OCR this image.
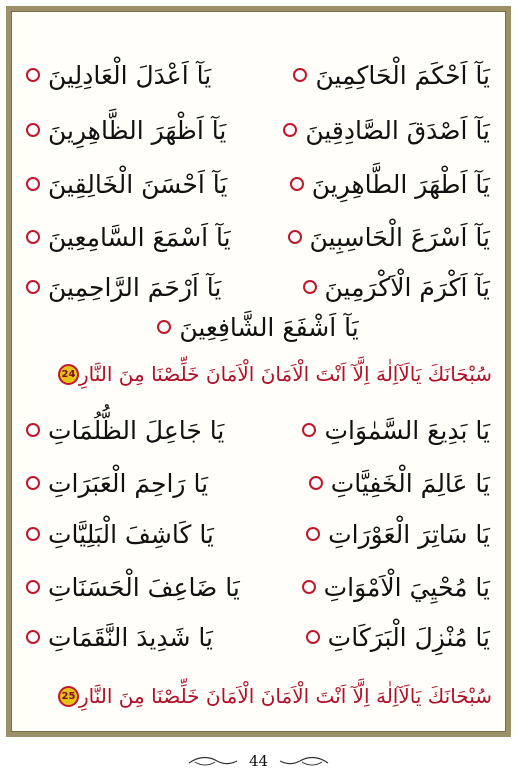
يَآ اَحْكَمَ الْحَاكِمِينَ
يَآ اَعْدَلَ الْعَادِلِينَ
يَآ اَصْدَقَ الصَّادِقِينَ
يَآ اَظْهَرَ الظَّاهِرِينَ
يَآ اَطْهَرَ الطَّاهِرِينَ
يَآ اَحْسَنَ الْخَالِقِينَ
يَآ اَسْرَعَ الْحَاسِبِينَ
يَآ اَسْمَعَ السَّامِعِينَ
يَآ اَكْرَمَ الْاَكْرَمِينَ
يَآ اَرْحَمَ الرَّاحِمِينَ
يَآ اَشْفَعَ الشَّافِعِينَ
سُبْحَانَكَ يَالَآاِلٰهَ اِلَّآ اَنْتَ الْاَمَانَ الْاَمَانَ خَلِّصْنَا مِنَ النَّارِ
24
يَا بَدِيعَ السَّمٰوَاتِ
يَا جَاعِلَ الظُّلُمَاتِ
يَا عَالِمَ الْخَفِيَّاتِ
يَا رَاحِمَ الْعَبَرَاتِ
يَا سَاتِرَ الْعَوْرَاتِ
يَا كَاشِفَ الْبَلِيَّاتِ
يَا مُحْيِيَ الْاَمْوَاتِ
يَا ضَاعِفَ الْحَسَنَاتِ
يَا مُنْزِلَ الْبَرَكَاتِ
يَا شَدِيدَ النَّقَمَاتِ
سُبْحَانَكَ يَالَآاِلٰهَ اِلَّآ اَنْتَ الْاَمَانَ الْاَمَانَ خَلِّصْنَا مِنَ النَّارِ
25
44
